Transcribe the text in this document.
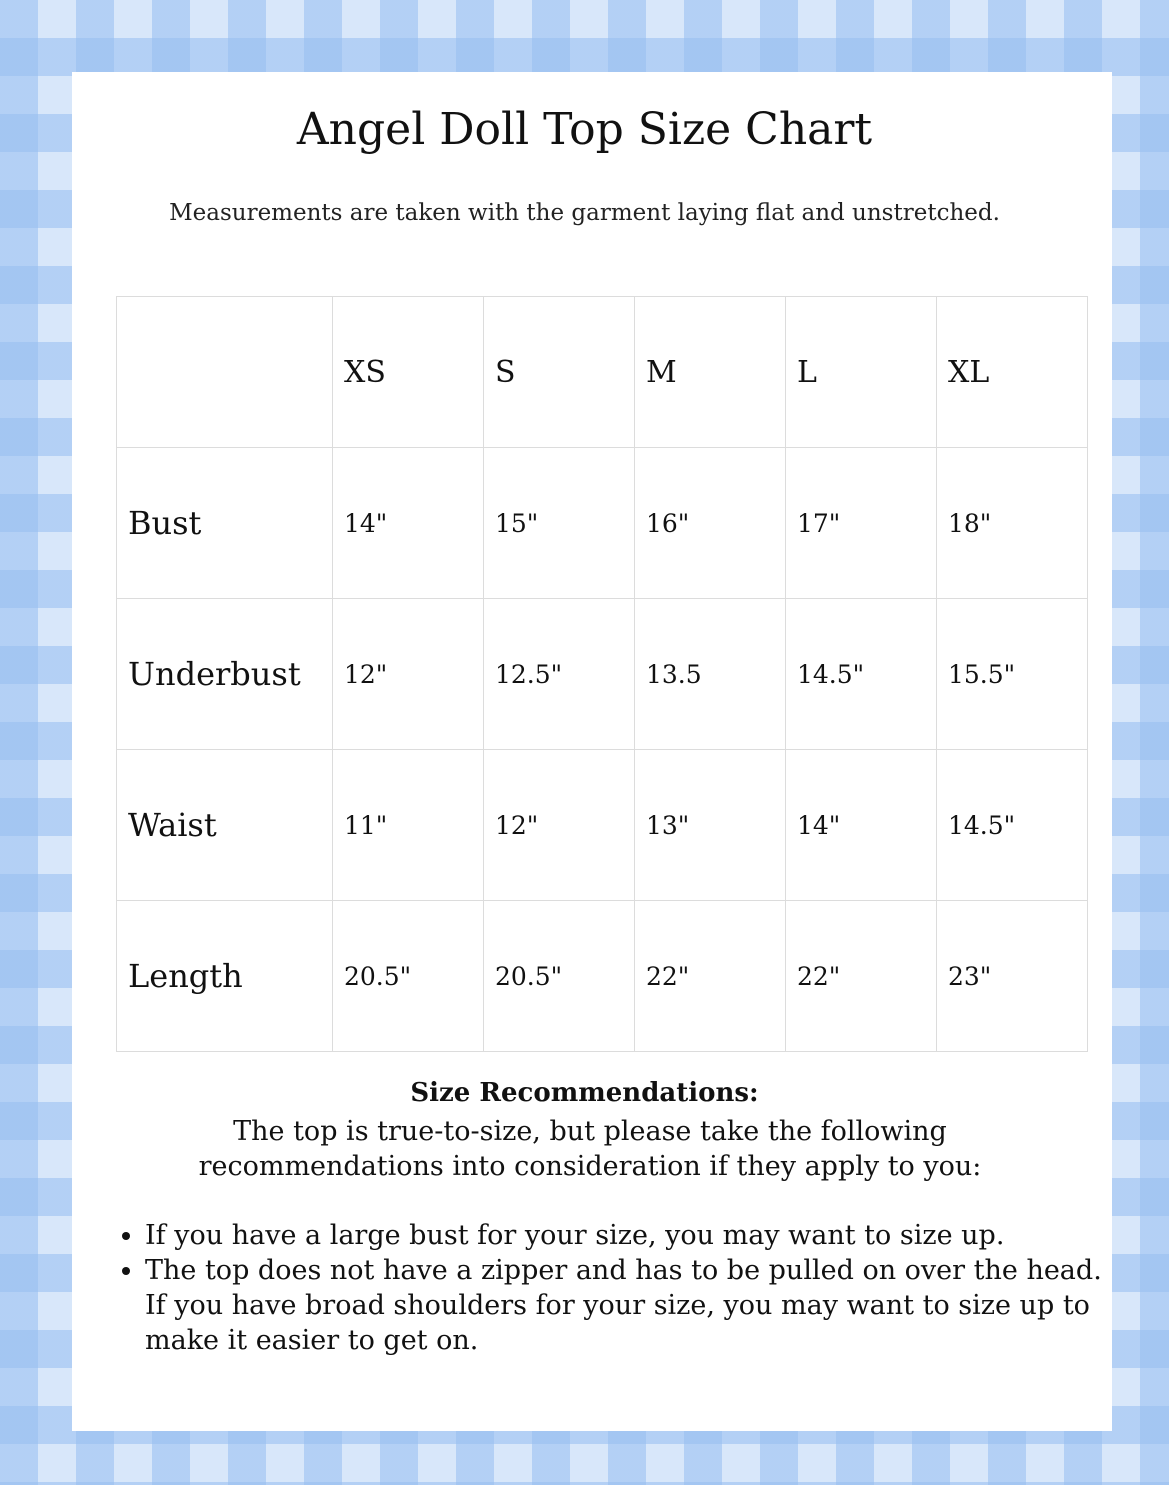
Angel Doll Top Size Chart
Measurements are taken with the garment laying flat and unstretched.
	XS	S	M	L	XL
Bust	14"	15"	16"	17"	18"
Underbust	12"	12.5"	13.5	14.5"	15.5"
Waist	11"	12"	13"	14"	14.5"
Length	20.5"	20.5"	22"	22"	23"
Size Recommendations:

The top is true-to-size, but please take the following recommendations into consideration if they apply to you:

• If you have a large bust for your size, you may want to size up.
• The top does not have a zipper and has to be pulled on over the head. If you have broad shoulders for your size, you may want to size up to make it easier to get on.
